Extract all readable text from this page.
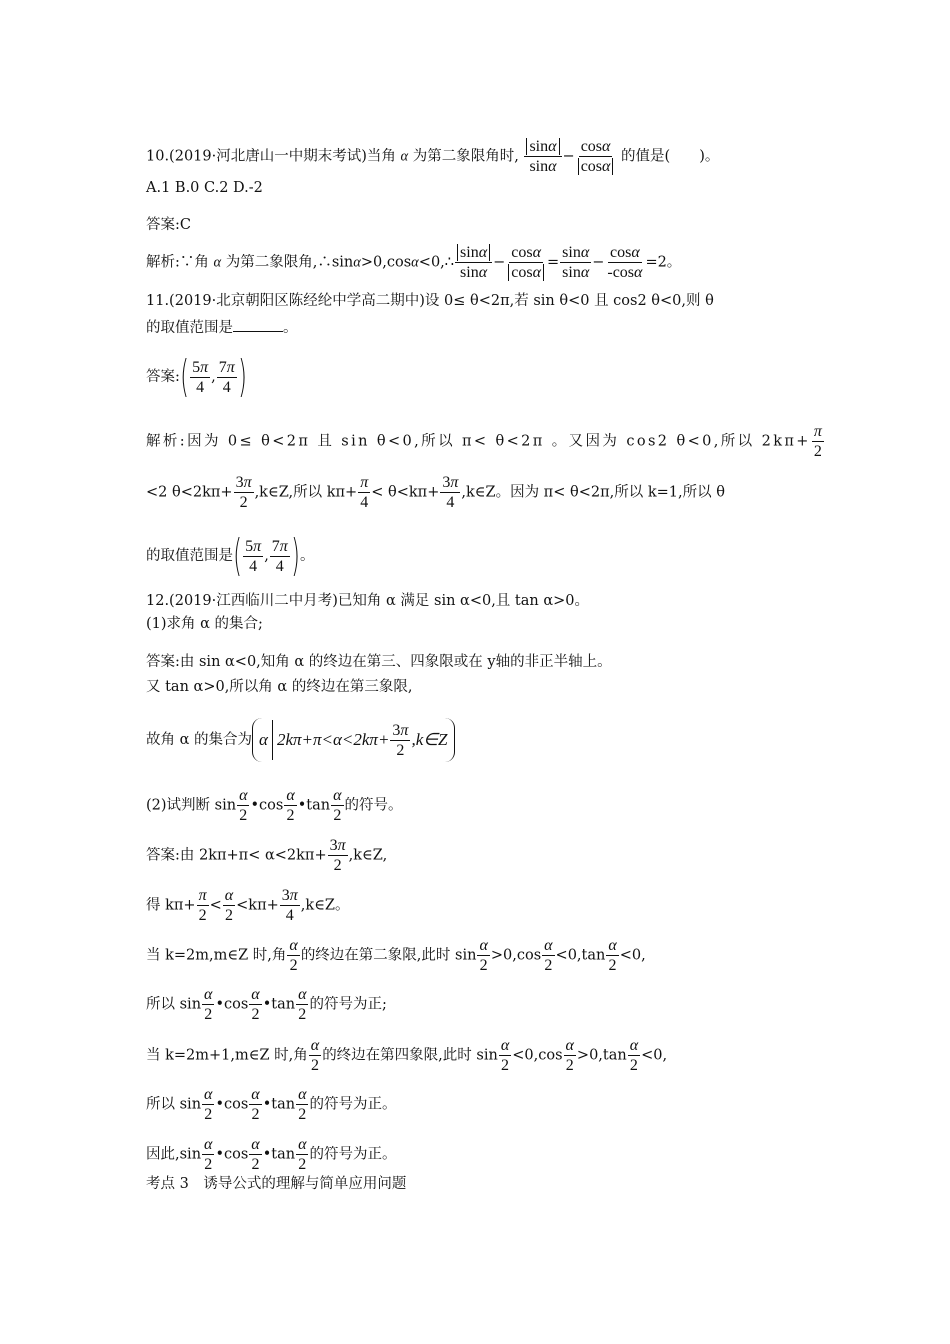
10.(2019·河北唐山一中期末考试)当角 α 为第二象限角时, $\frac{\sin\alpha}{\sin\alpha} - \frac{\cos\alpha}{\cos\alpha}$ 的值是(　　)。
A.1 B.0 C.2 D.-2
答案:C
解析:∵角 α 为第二象限角,∴sinα>0,cosα<0,∴ $\frac{\sin\alpha}{\sin\alpha} - \frac{\cos\alpha}{\cos\alpha} = \frac{\sin\alpha}{\sin\alpha} - \frac{\cos\alpha}{-\cos\alpha} =2$。
11.(2019·北京朝阳区陈经纶中学高二期中)设 0≤ θ<2π,若 sin θ<0 且 cos2 θ<0,则 θ
的取值范围是	。
答案:( $\frac{5\pi}{4}$ , $\frac{7\pi}{4}$ )
解析:因为 0≤ θ<2π 且 sin θ<0,所以 π< θ<2π 。又因为 cos2 θ<0,所以 $2k\pi+ \frac{\pi}{2}$
<2 $\theta<2k\pi+ \frac{3\pi}{2}$ ,k∈Z,所以 $k\pi+ \frac{\pi}{4} < \theta<k\pi+ \frac{3\pi}{4}$ ,k∈Z。因为 π< θ<2π,所以 k=1,所以 θ
的取值范围是( $\frac{5\pi}{4}$ , $\frac{7\pi}{4}$ )。
12.(2019·江西临川二中月考)已知角 α 满足 sin α<0,且 tan α>0。
(1)求角 α 的集合;
答案:由 sin α<0,知角 α 的终边在第三、四象限或在 y轴的非正半轴上。
又 tan α>0,所以角 α 的终边在第三象限,
故角 α 的集合为 α 2 k π+π<α<2 k $\pi+ \frac{3\pi}{2}$ , k ∈ Z
(2)试判断 $\sin \frac{\alpha}{2}$ •cos $\frac{\alpha}{2}$ •tan $\frac{\alpha}{2}$ 的符号。
答案:由 $2k\pi+\pi< \alpha<2k\pi+ \frac{3\pi}{2}$ ,k∈Z,
得 $k\pi+ \frac{\pi}{2} < \frac{\alpha}{2} <k\pi+ \frac{3\pi}{4}$ ,k∈Z。
当 k=2m,m∈Z 时,角 $\frac{\alpha}{2}$ 的终边在第二象限,此时 $\sin \frac{\alpha}{2} >0,\cos \frac{\alpha}{2} <0,\tan \frac{\alpha}{2} <0$,
所以 $\sin \frac{\alpha}{2}$ •cos $\frac{\alpha}{2}$ •tan $\frac{\alpha}{2}$ 的符号为正;
当 k=2m+1,m∈Z 时,角 $\frac{\alpha}{2}$ 的终边在第四象限,此时 $\sin \frac{\alpha}{2} <0,\cos \frac{\alpha}{2} >0,\tan \frac{\alpha}{2} <0$,
所以 $\sin \frac{\alpha}{2}$ •cos $\frac{\alpha}{2}$ •tan $\frac{\alpha}{2}$ 的符号为正。
因此$,\sin \frac{\alpha}{2}$ •cos $\frac{\alpha}{2}$ •tan $\frac{\alpha}{2}$ 的符号为正。
考点 3　诱导公式的理解与简单应用问题
